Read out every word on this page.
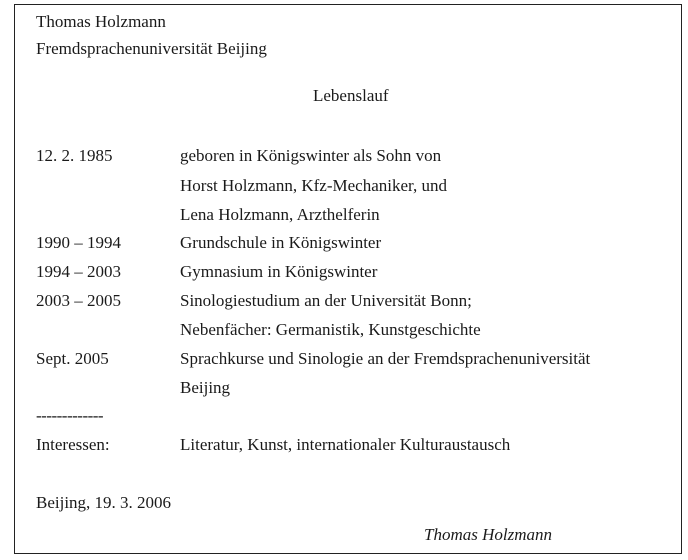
Thomas Holzmann
Fremdsprachenuniversität Beijing
Lebenslauf
12. 2. 1985	geboren in Königswinter als Sohn von
Horst Holzmann, Kfz-Mechaniker, und
Lena Holzmann, Arzthelferin
1990 – 1994	Grundschule in Königswinter
1994 – 2003	Gymnasium in Königswinter
2003 – 2005	Sinologiestudium an der Universität Bonn;
Nebenfächer: Germanistik, Kunstgeschichte
Sept. 2005	Sprachkurse und Sinologie an der Fremdsprachenuniversität
Beijing
-------------
Interessen:	Literatur, Kunst, internationaler Kulturaustausch
Beijing, 19. 3. 2006
Thomas Holzmann
